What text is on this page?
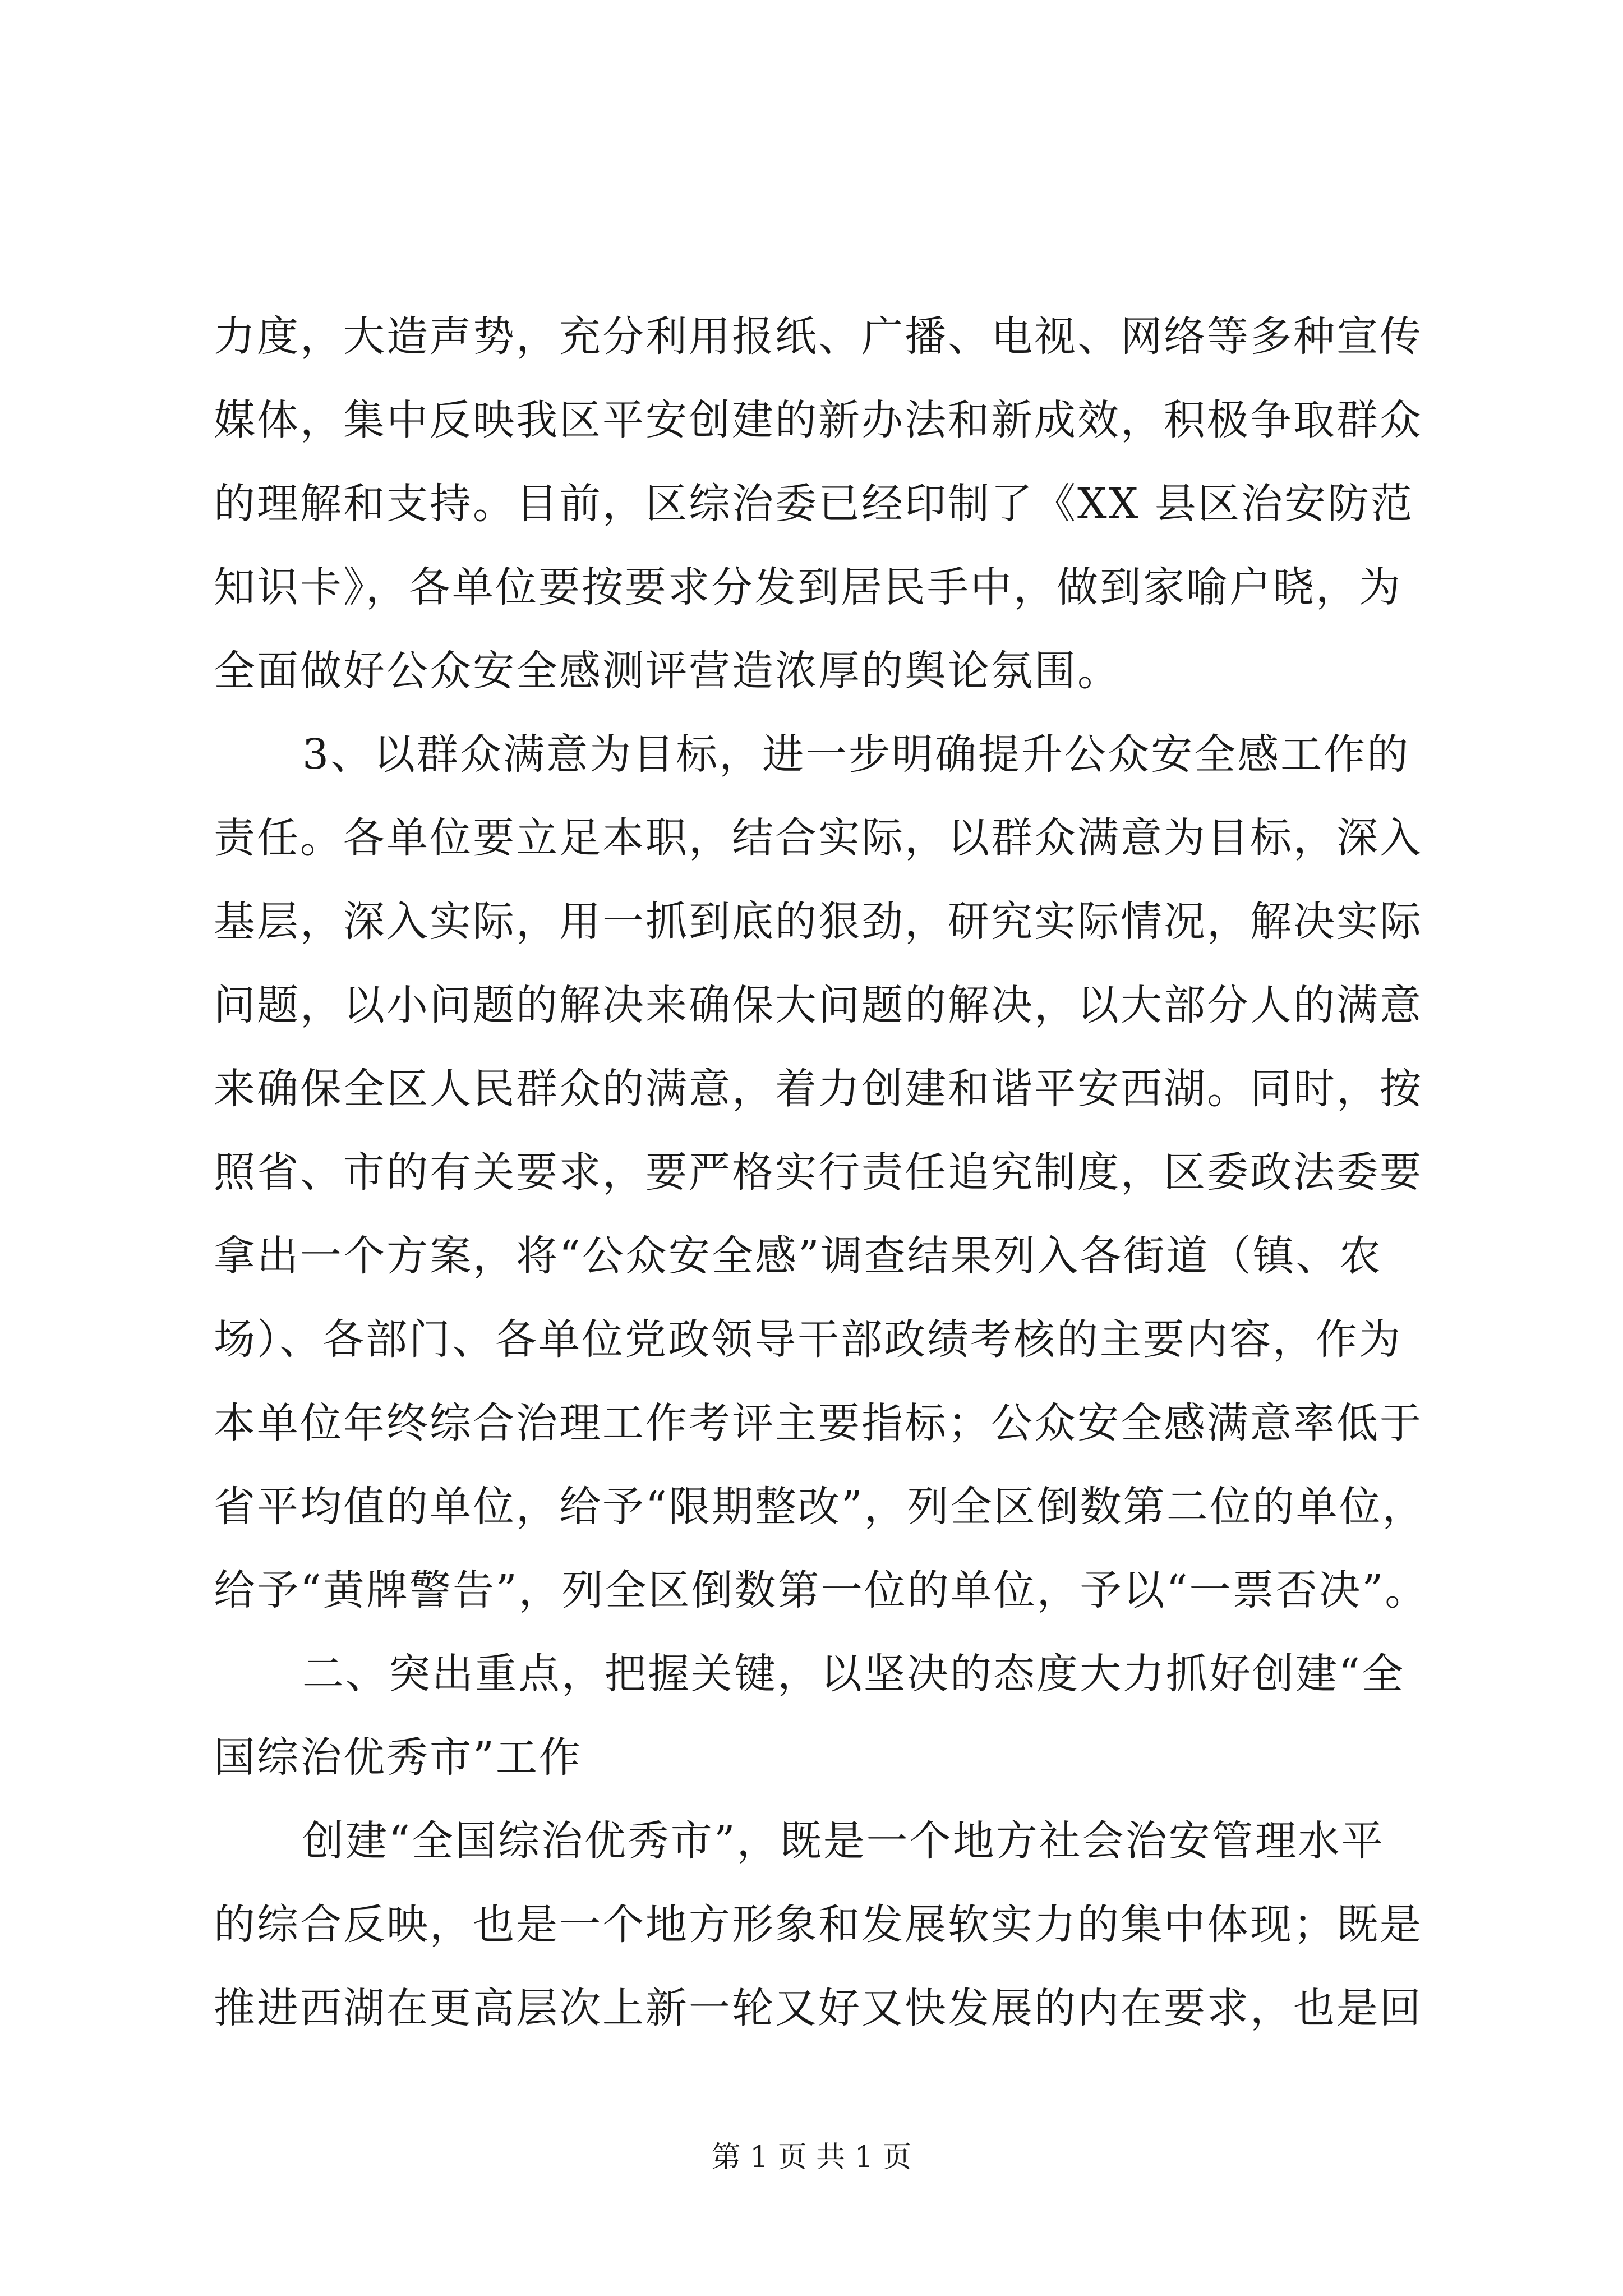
力度，大造声势，充分利用报纸、广播、电视、网络等多种宣传
媒体，集中反映我区平安创建的新办法和新成效，积极争取群众
的理解和支持。目前，区综治委已经印制了《XX 县区治安防范
知识卡》，各单位要按要求分发到居民手中，做到家喻户晓，为
全面做好公众安全感测评营造浓厚的舆论氛围。
3、以群众满意为目标，进一步明确提升公众安全感工作的
责任。各单位要立足本职，结合实际，以群众满意为目标，深入
基层，深入实际，用一抓到底的狠劲，研究实际情况，解决实际
问题，以小问题的解决来确保大问题的解决，以大部分人的满意
来确保全区人民群众的满意，着力创建和谐平安西湖。同时，按
照省、市的有关要求，要严格实行责任追究制度，区委政法委要
拿出一个方案，将“公众安全感”调查结果列入各街道（镇、农
场）、各部门、各单位党政领导干部政绩考核的主要内容，作为
本单位年终综合治理工作考评主要指标；公众安全感满意率低于
省平均值的单位，给予“限期整改”，列全区倒数第二位的单位，
给予“黄牌警告”，列全区倒数第一位的单位，予以“一票否决”。
二、突出重点，把握关键，以坚决的态度大力抓好创建“全
国综治优秀市”工作
创建“全国综治优秀市”，既是一个地方社会治安管理水平
的综合反映，也是一个地方形象和发展软实力的集中体现；既是
推进西湖在更高层次上新一轮又好又快发展的内在要求，也是回
第 1 页 共 1 页
